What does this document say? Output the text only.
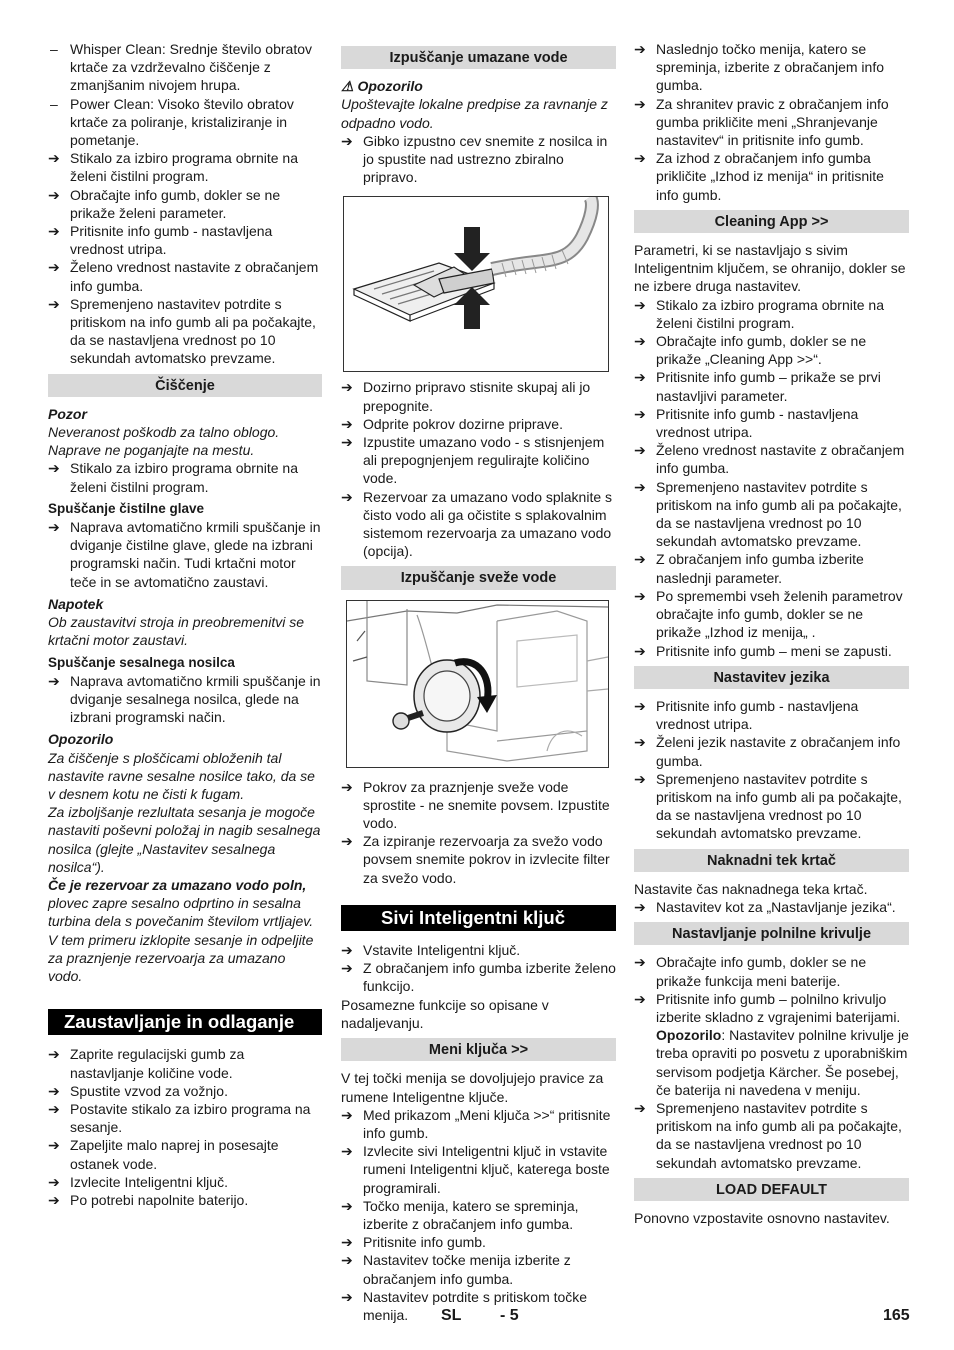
– Whisper Clean: Srednje število obratov krtače za vzdrževalno čiščenje z zmanjšanim nivojem hrupa.
– Power Clean: Visoko število obratov krtače za poliranje, kristaliziranje in pometanje.
➔ Stikalo za izbiro programa obrnite na želeni čistilni program.
➔ Obračajte info gumb, dokler se ne prikaže želeni parameter.
➔ Pritisnite info gumb - nastavljena vrednost utripa.
➔ Želeno vrednost nastavite z obračanjem info gumba.
➔ Spremenjeno nastavitev potrdite s pritiskom na info gumb ali pa počakajte, da se nastavljena vrednost po 10 sekundah avtomatsko prevzame.
Čiščenje
Pozor
Neveranost poškodb za talno oblogo. Naprave ne poganjajte na mestu.
➔ Stikalo za izbiro programa obrnite na želeni čistilni program.
Spuščanje čistilne glave
➔ Naprava avtomatično krmili spuščanje in dviganje čistilne glave, glede na izbrani programski način. Tudi krtačni motor teče in se avtomatično zaustavi.
Napotek
Ob zaustavitvi stroja in preobremenitvi se krtačni motor zaustavi.
Spuščanje sesalnega nosilca
➔ Naprava avtomatično krmili spuščanje in dviganje sesalnega nosilca, glede na izbrani programski način.
Opozorilo
Za čiščenje s ploščicami obloženih tal nastavite ravne sesalne nosilce tako, da se v desnem kotu ne čisti k fugam.
Za izboljšanje rezlultata sesanja je mogoče nastaviti poševni položaj in nagib sesalnega nosilca (glejte „Nastavitev sesalnega nosilca“).
Če je rezervoar za umazano vodo poln,
plovec zapre sesalno odprtino in sesalna turbina dela s povečanim številom vrtljajev. V tem primeru izklopite sesanje in odpeljite za praznjenje rezervoarja za umazano vodo.
Zaustavljanje in odlaganje
➔ Zaprite regulacijski gumb za nastavljanje količine vode.
➔ Spustite vzvod za vožnjo.
➔ Postavite stikalo za izbiro programa na sesanje.
➔ Zapeljite malo naprej in posesajte ostanek vode.
➔ Izvlecite Inteligentni ključ.
➔ Po potrebi napolnite baterijo.
Izpuščanje umazane vode
⚠ Opozorilo
Upoštevajte lokalne predpise za ravnanje z odpadno vodo.
➔ Gibko izpustno cev snemite z nosilca in jo spustite nad ustrezno zbiralno pripravo.
➔ Dozirno pripravo stisnite skupaj ali jo prepognite.
➔ Odprite pokrov dozirne priprave.
➔ Izpustite umazano vodo - s stisnjenjem ali prepognjenjem regulirajte količino vode.
➔ Rezervoar za umazano vodo splaknite s čisto vodo ali ga očistite s splakovalnim sistemom rezervoarja za umazano vodo (opcija).
Izpuščanje sveže vode
➔ Pokrov za praznjenje sveže vode sprostite - ne snemite povsem. Izpustite vodo.
➔ Za izpiranje rezervoarja za svežo vodo povsem snemite pokrov in izvlecite filter za svežo vodo.
Sivi Inteligentni ključ
➔ Vstavite Inteligentni ključ.
➔ Z obračanjem info gumba izberite želeno funkcijo.
Posamezne funkcije so opisane v nadaljevanju.
Meni ključa >>
V tej točki menija se dovoljujejo pravice za rumene Inteligentne ključe.
➔ Med prikazom „Meni ključa >>“ pritisnite info gumb.
➔ Izvlecite sivi Inteligentni ključ in vstavite rumeni Inteligentni ključ, katerega boste programirali.
➔ Točko menija, katero se spreminja, izberite z obračanjem info gumba.
➔ Pritisnite info gumb.
➔ Nastavitev točke menija izberite z obračanjem info gumba.
➔ Nastavitev potrdite s pritiskom točke menija.
➔ Naslednjo točko menija, katero se spreminja, izberite z obračanjem info gumba.
➔ Za shranitev pravic z obračanjem info gumba prikličite meni „Shranjevanje nastavitev“ in pritisnite info gumb.
➔ Za izhod z obračanjem info gumba prikličite „Izhod iz menija“ in pritisnite info gumb.
Cleaning App >>
Parametri, ki se nastavljajo s sivim Inteligentnim ključem, se ohranijo, dokler se ne izbere druga nastavitev.
➔ Stikalo za izbiro programa obrnite na želeni čistilni program.
➔ Obračajte info gumb, dokler se ne prikaže „Cleaning App >>“.
➔ Pritisnite info gumb – prikaže se prvi nastavljivi parameter.
➔ Pritisnite info gumb - nastavljena vrednost utripa.
➔ Želeno vrednost nastavite z obračanjem info gumba.
➔ Spremenjeno nastavitev potrdite s pritiskom na info gumb ali pa počakajte, da se nastavljena vrednost po 10 sekundah avtomatsko prevzame.
➔ Z obračanjem info gumba izberite naslednji parameter.
➔ Po spremembi vseh želenih parametrov obračajte info gumb, dokler se ne prikaže „Izhod iz menija„ .
➔ Pritisnite info gumb – meni se zapusti.
Nastavitev jezika
➔ Pritisnite info gumb - nastavljena vrednost utripa.
➔ Želeni jezik nastavite z obračanjem info gumba.
➔ Spremenjeno nastavitev potrdite s pritiskom na info gumb ali pa počakajte, da se nastavljena vrednost po 10 sekundah avtomatsko prevzame.
Naknadni tek krtač
Nastavite čas naknadnega teka krtač.
➔ Nastavitev kot za „Nastavljanje jezika“.
Nastavljanje polnilne krivulje
➔ Obračajte info gumb, dokler se ne prikaže funkcija meni baterije.
➔ Pritisnite info gumb – polnilno krivuljo izberite skladno z vgrajenimi baterijami.
Opozorilo: Nastavitev polnilne krivulje je treba opraviti po posvetu z uporabniškim servisom podjetja Kärcher. Še posebej, če baterija ni navedena v meniju.
➔ Spremenjeno nastavitev potrdite s pritiskom na info gumb ali pa počakajte, da se nastavljena vrednost po 10 sekundah avtomatsko prevzame.
LOAD DEFAULT
Ponovno vzpostavite osnovno nastavitev.
SL - 5	165
